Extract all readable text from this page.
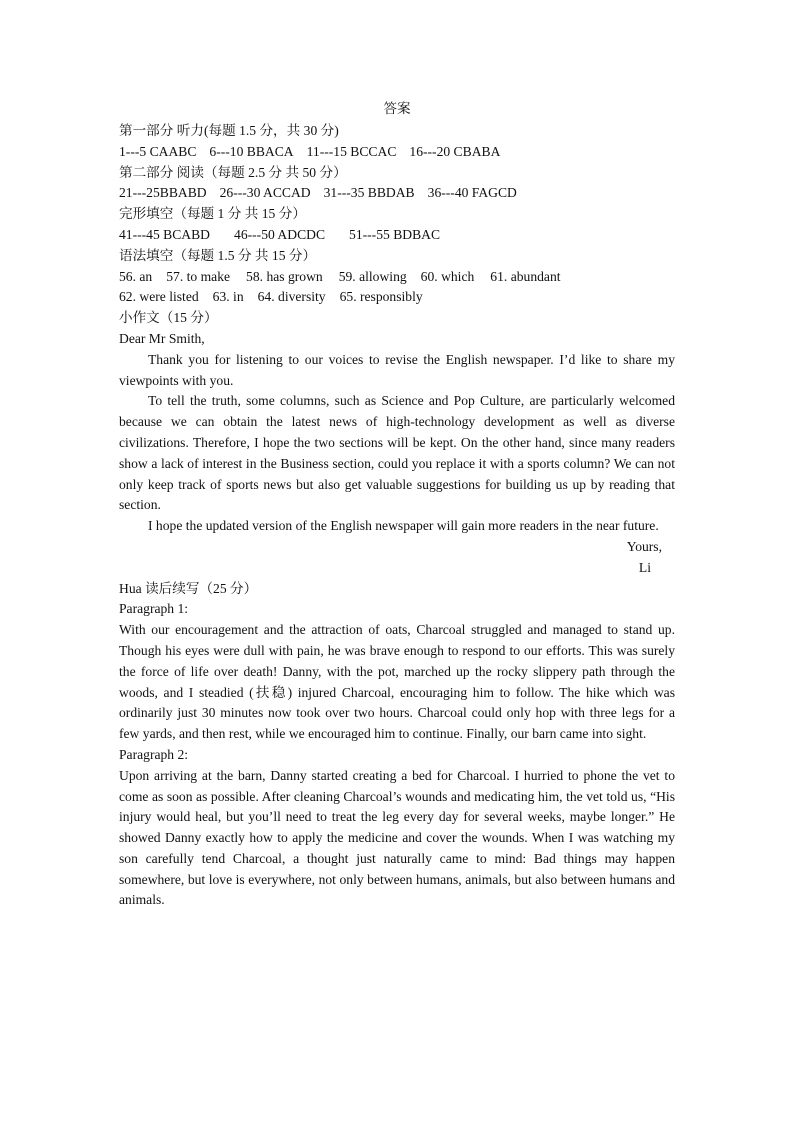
答案
第一部分 听力(每题 1.5 分，共 30 分)
1---5 CAABC 6---10 BBACA 11---15 BCCAC 16---20 CBABA
第二部分 阅读（每题 2.5 分 共 50 分）
21---25BBABD 26---30 ACCAD 31---35 BBDAB 36---40 FAGCD
完形填空（每题 1 分 共 15 分）
41---45 BCABD 46---50 ADCDC 51---55 BDBAC
语法填空（每题 1.5 分 共 15 分）
56. an 57. to make 58. has grown 59. allowing 60. which 61. abundant
62. were listed 63. in 64. diversity 65. responsibly
小作文（15 分）
Dear Mr Smith,
Thank you for listening to our voices to revise the English newspaper. I’d like to share my viewpoints with you.
To tell the truth, some columns, such as Science and Pop Culture, are particularly welcomed because we can obtain the latest news of high-technology development as well as diverse civilizations. Therefore, I hope the two sections will be kept. On the other hand, since many readers show a lack of interest in the Business section, could you replace it with a sports column? We can not only keep track of sports news but also get valuable suggestions for building us up by reading that section.
I hope the updated version of the English newspaper will gain more readers in the near future.
Yours,
Li
Hua 读后续写（25 分）
Paragraph 1:
With our encouragement and the attraction of oats, Charcoal struggled and managed to stand up. Though his eyes were dull with pain, he was brave enough to respond to our efforts. This was surely the force of life over death! Danny, with the pot, marched up the rocky slippery path through the woods, and I steadied (扶稳) injured Charcoal, encouraging him to follow. The hike which was ordinarily just 30 minutes now took over two hours. Charcoal could only hop with three legs for a few yards, and then rest, while we encouraged him to continue. Finally, our barn came into sight.
Paragraph 2:
Upon arriving at the barn, Danny started creating a bed for Charcoal. I hurried to phone the vet to come as soon as possible. After cleaning Charcoal’s wounds and medicating him, the vet told us, “His injury would heal, but you’ll need to treat the leg every day for several weeks, maybe longer.” He showed Danny exactly how to apply the medicine and cover the wounds. When I was watching my son carefully tend Charcoal, a thought just naturally came to mind: Bad things may happen somewhere, but love is everywhere, not only between humans, animals, but also between humans and animals.
